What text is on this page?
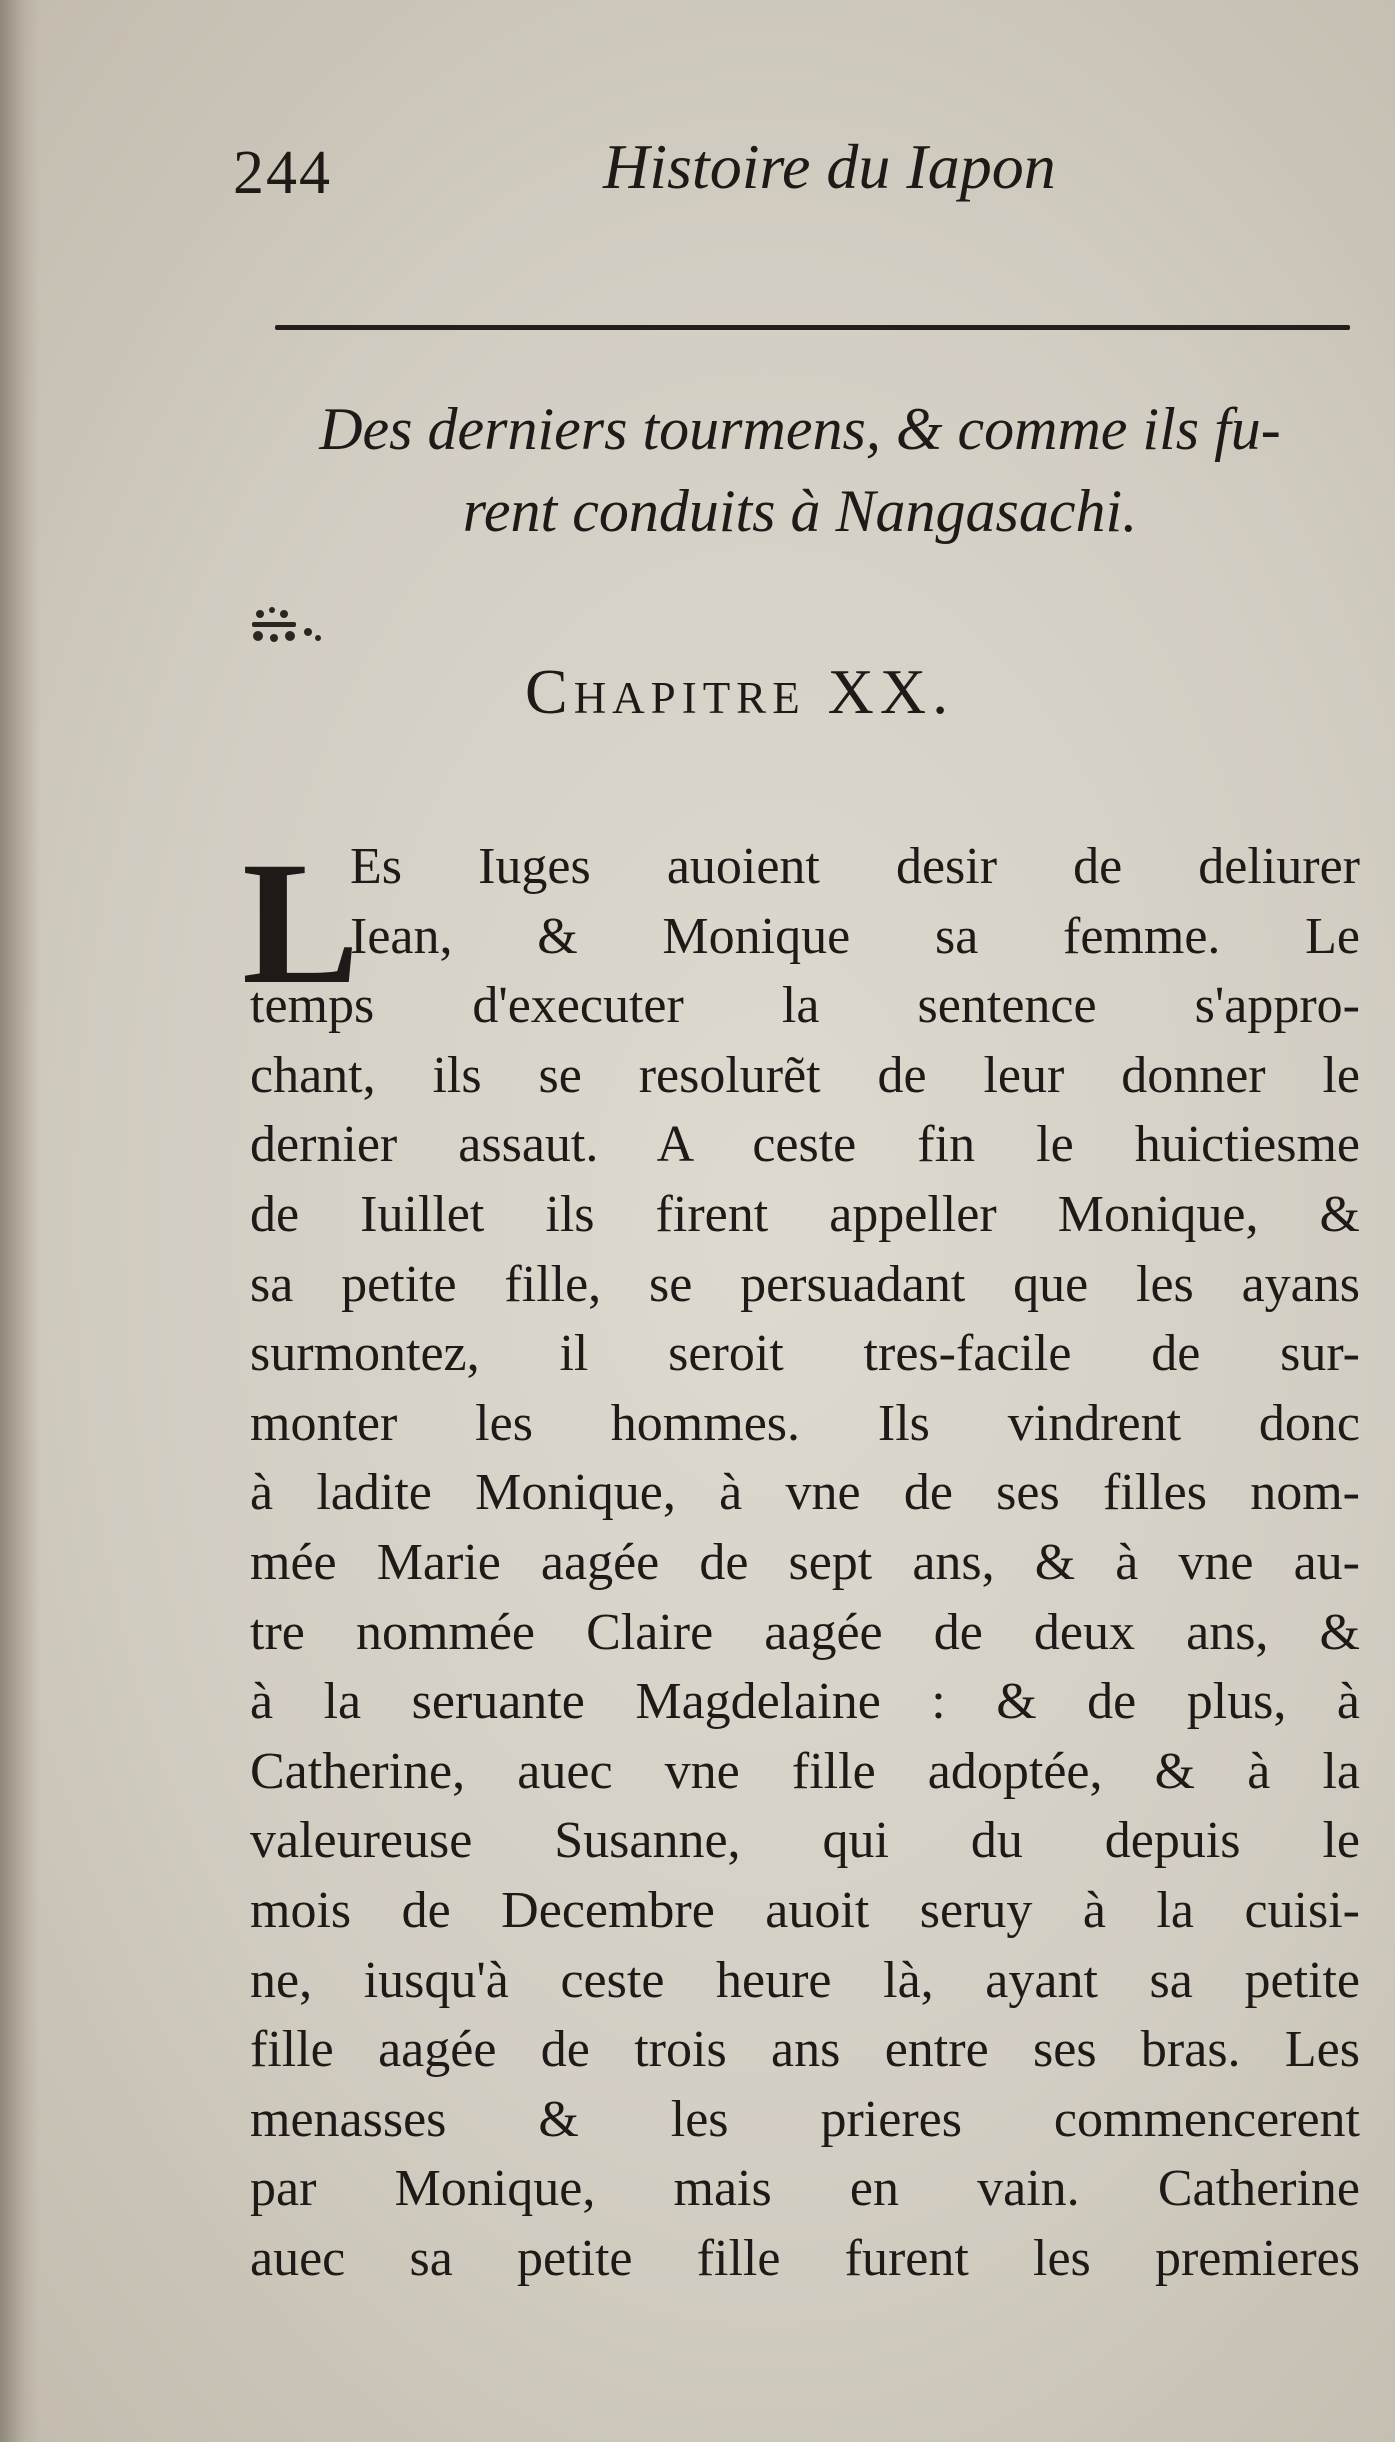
244	Histoire du Iapon
Des derniers tourmens, & comme ils fu-
rent conduits à Nangasachi.
Chapitre XX.
L
Es Iuges auoient desir de deliurer
Iean, & Monique sa femme. Le
temps d'executer la sentence s'appro-
chant, ils se resolurẽt de leur donner le
dernier assaut. A ceste fin le huictiesme
de Iuillet ils firent appeller Monique, &
sa petite fille, se persuadant que les ayans
surmontez, il seroit tres-facile de sur-
monter les hommes. Ils vindrent donc
à ladite Monique, à vne de ses filles nom-
mée Marie aagée de sept ans, & à vne au-
tre nommée Claire aagée de deux ans, &
à la seruante Magdelaine : & de plus, à
Catherine, auec vne fille adoptée, & à la
valeureuse Susanne, qui du depuis le
mois de Decembre auoit seruy à la cuisi-
ne, iusqu'à ceste heure là, ayant sa petite
fille aagée de trois ans entre ses bras. Les
menasses & les prieres commencerent
par Monique, mais en vain. Catherine
auec sa petite fille furent les premieres
